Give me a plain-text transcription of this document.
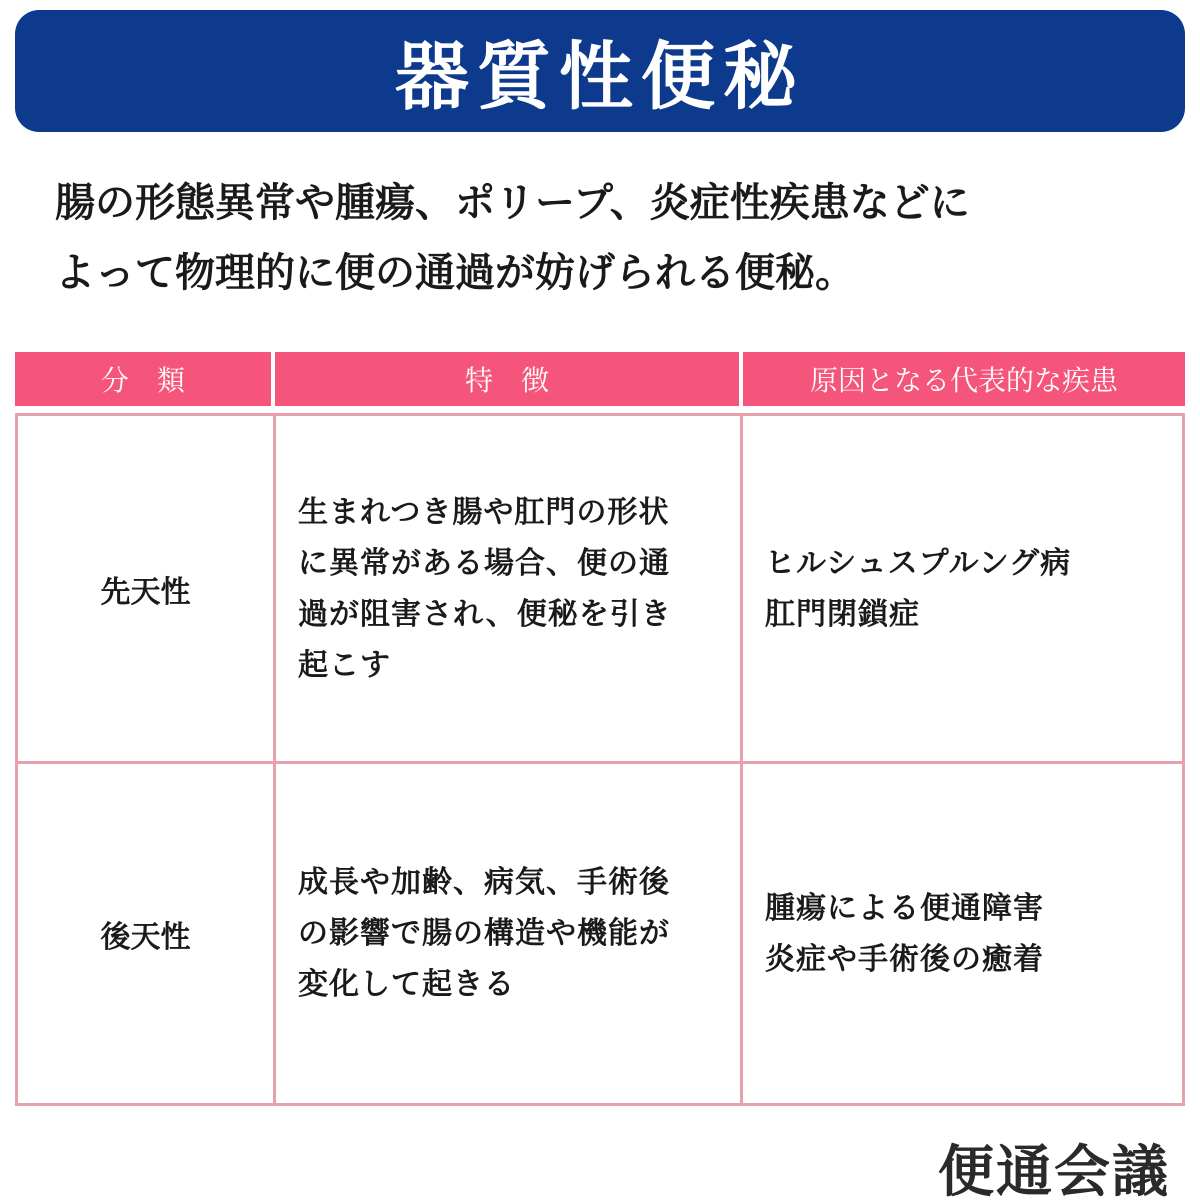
器質性便秘

腸の形態異常や腫瘍、ポリープ、炎症性疾患などに
よって物理的に便の通過が妨げられる便秘。

分　類	特　徴	原因となる代表的な疾患
先天性
生まれつき腸や肛門の形状
に異常がある場合、便の通
過が阻害され、便秘を引き
起こす
ヒルシュスプルング病
肛門閉鎖症
後天性
成長や加齢、病気、手術後
の影響で腸の構造や機能が
変化して起きる
腫瘍による便通障害
炎症や手術後の癒着
便通会議
